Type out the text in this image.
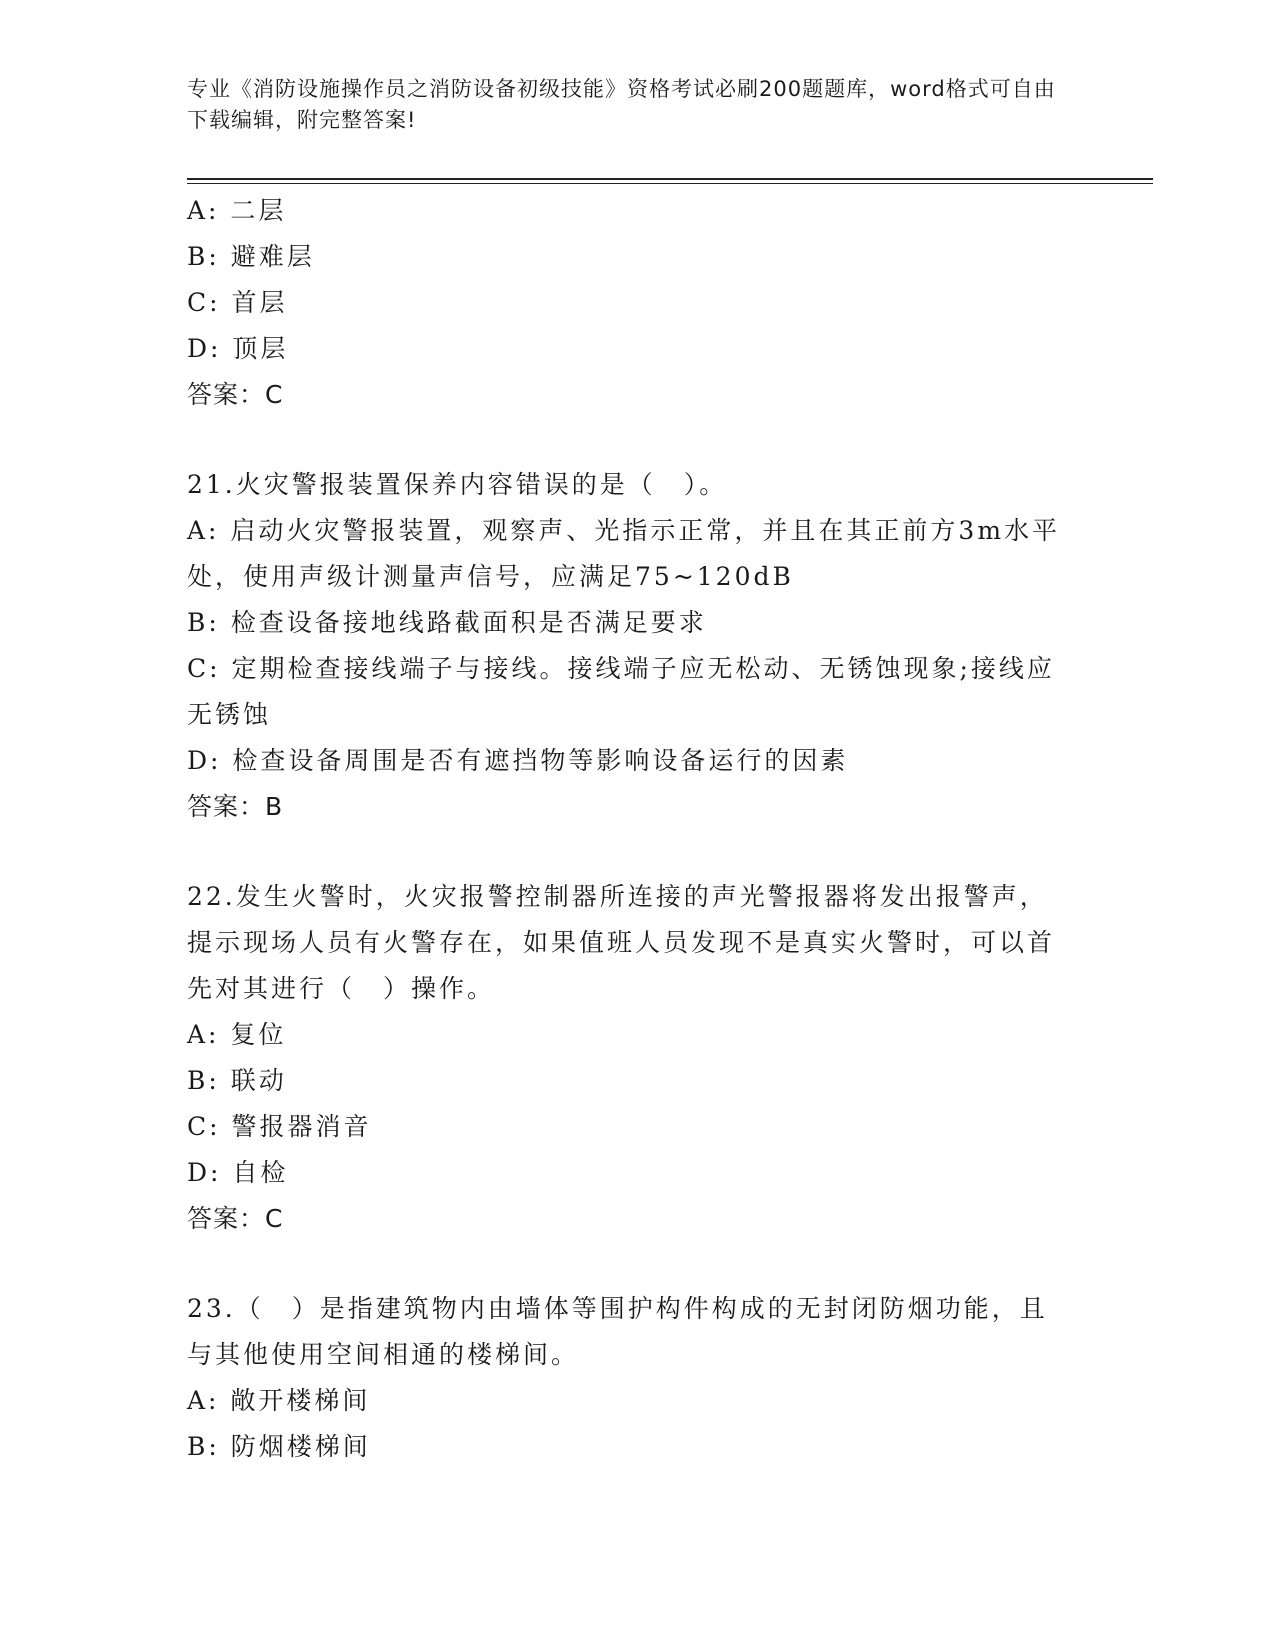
专业《消防设施操作员之消防设备初级技能》资格考试必刷200题题库，word格式可自由下载编辑，附完整答案!
A: 二层
B: 避难层
C: 首层
D: 顶层
答案：C
21.火灾警报装置保养内容错误的是（　）。
A: 启动火灾警报装置，观察声、光指示正常，并且在其正前方3m水平处，使用声级计测量声信号，应满足75~120dB
B: 检查设备接地线路截面积是否满足要求
C: 定期检查接线端子与接线。接线端子应无松动、无锈蚀现象;接线应无锈蚀
D: 检查设备周围是否有遮挡物等影响设备运行的因素
答案：B
22.发生火警时，火灾报警控制器所连接的声光警报器将发出报警声，提示现场人员有火警存在，如果值班人员发现不是真实火警时，可以首先对其进行（　）操作。
A: 复位
B: 联动
C: 警报器消音
D: 自检
答案：C
23.（　）是指建筑物内由墙体等围护构件构成的无封闭防烟功能，且与其他使用空间相通的楼梯间。
A: 敞开楼梯间
B: 防烟楼梯间
